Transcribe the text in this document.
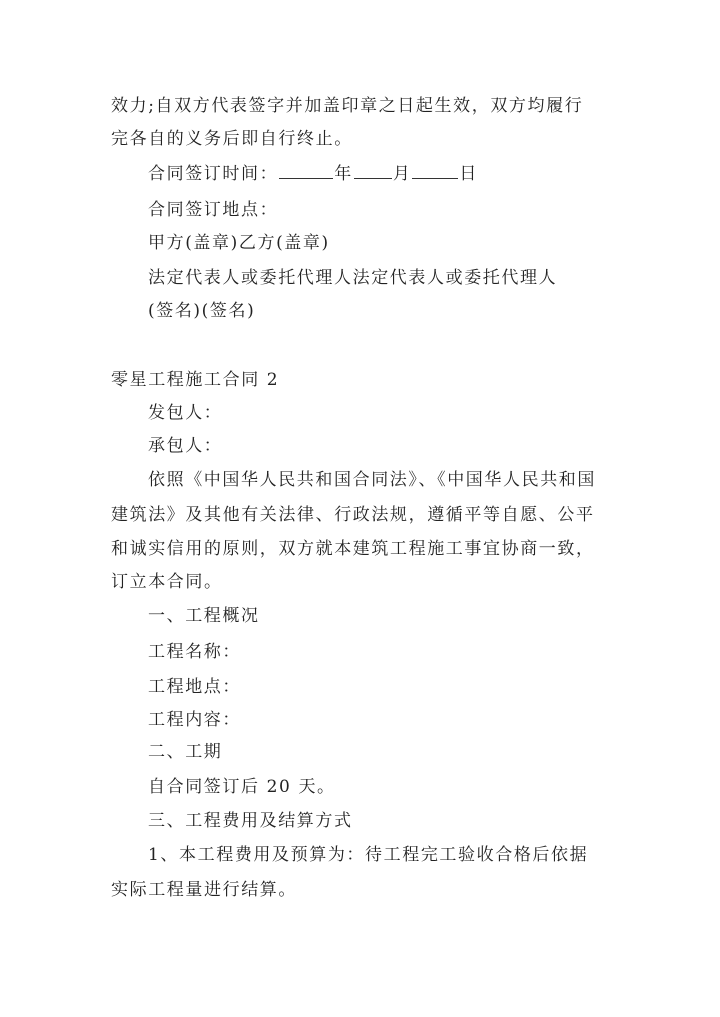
效力;自双方代表签字并加盖印章之日起生效，双方均履行
完各自的义务后即自行终止。
合同签订时间：	年 月	日
合同签订地点：
甲方(盖章)乙方(盖章)
法定代表人或委托代理人法定代表人或委托代理人
(签名)(签名)
零星工程施工合同 2
发包人：
承包人：
依照《中国华人民共和国合同法》、《中国华人民共和国
建筑法》及其他有关法律、行政法规，遵循平等自愿、公平
和诚实信用的原则，双方就本建筑工程施工事宜协商一致，
订立本合同。
一、工程概况
工程名称：
工程地点：
工程内容：
二、工期
自合同签订后 20 天。
三、工程费用及结算方式
1、本工程费用及预算为：待工程完工验收合格后依据
实际工程量进行结算。
